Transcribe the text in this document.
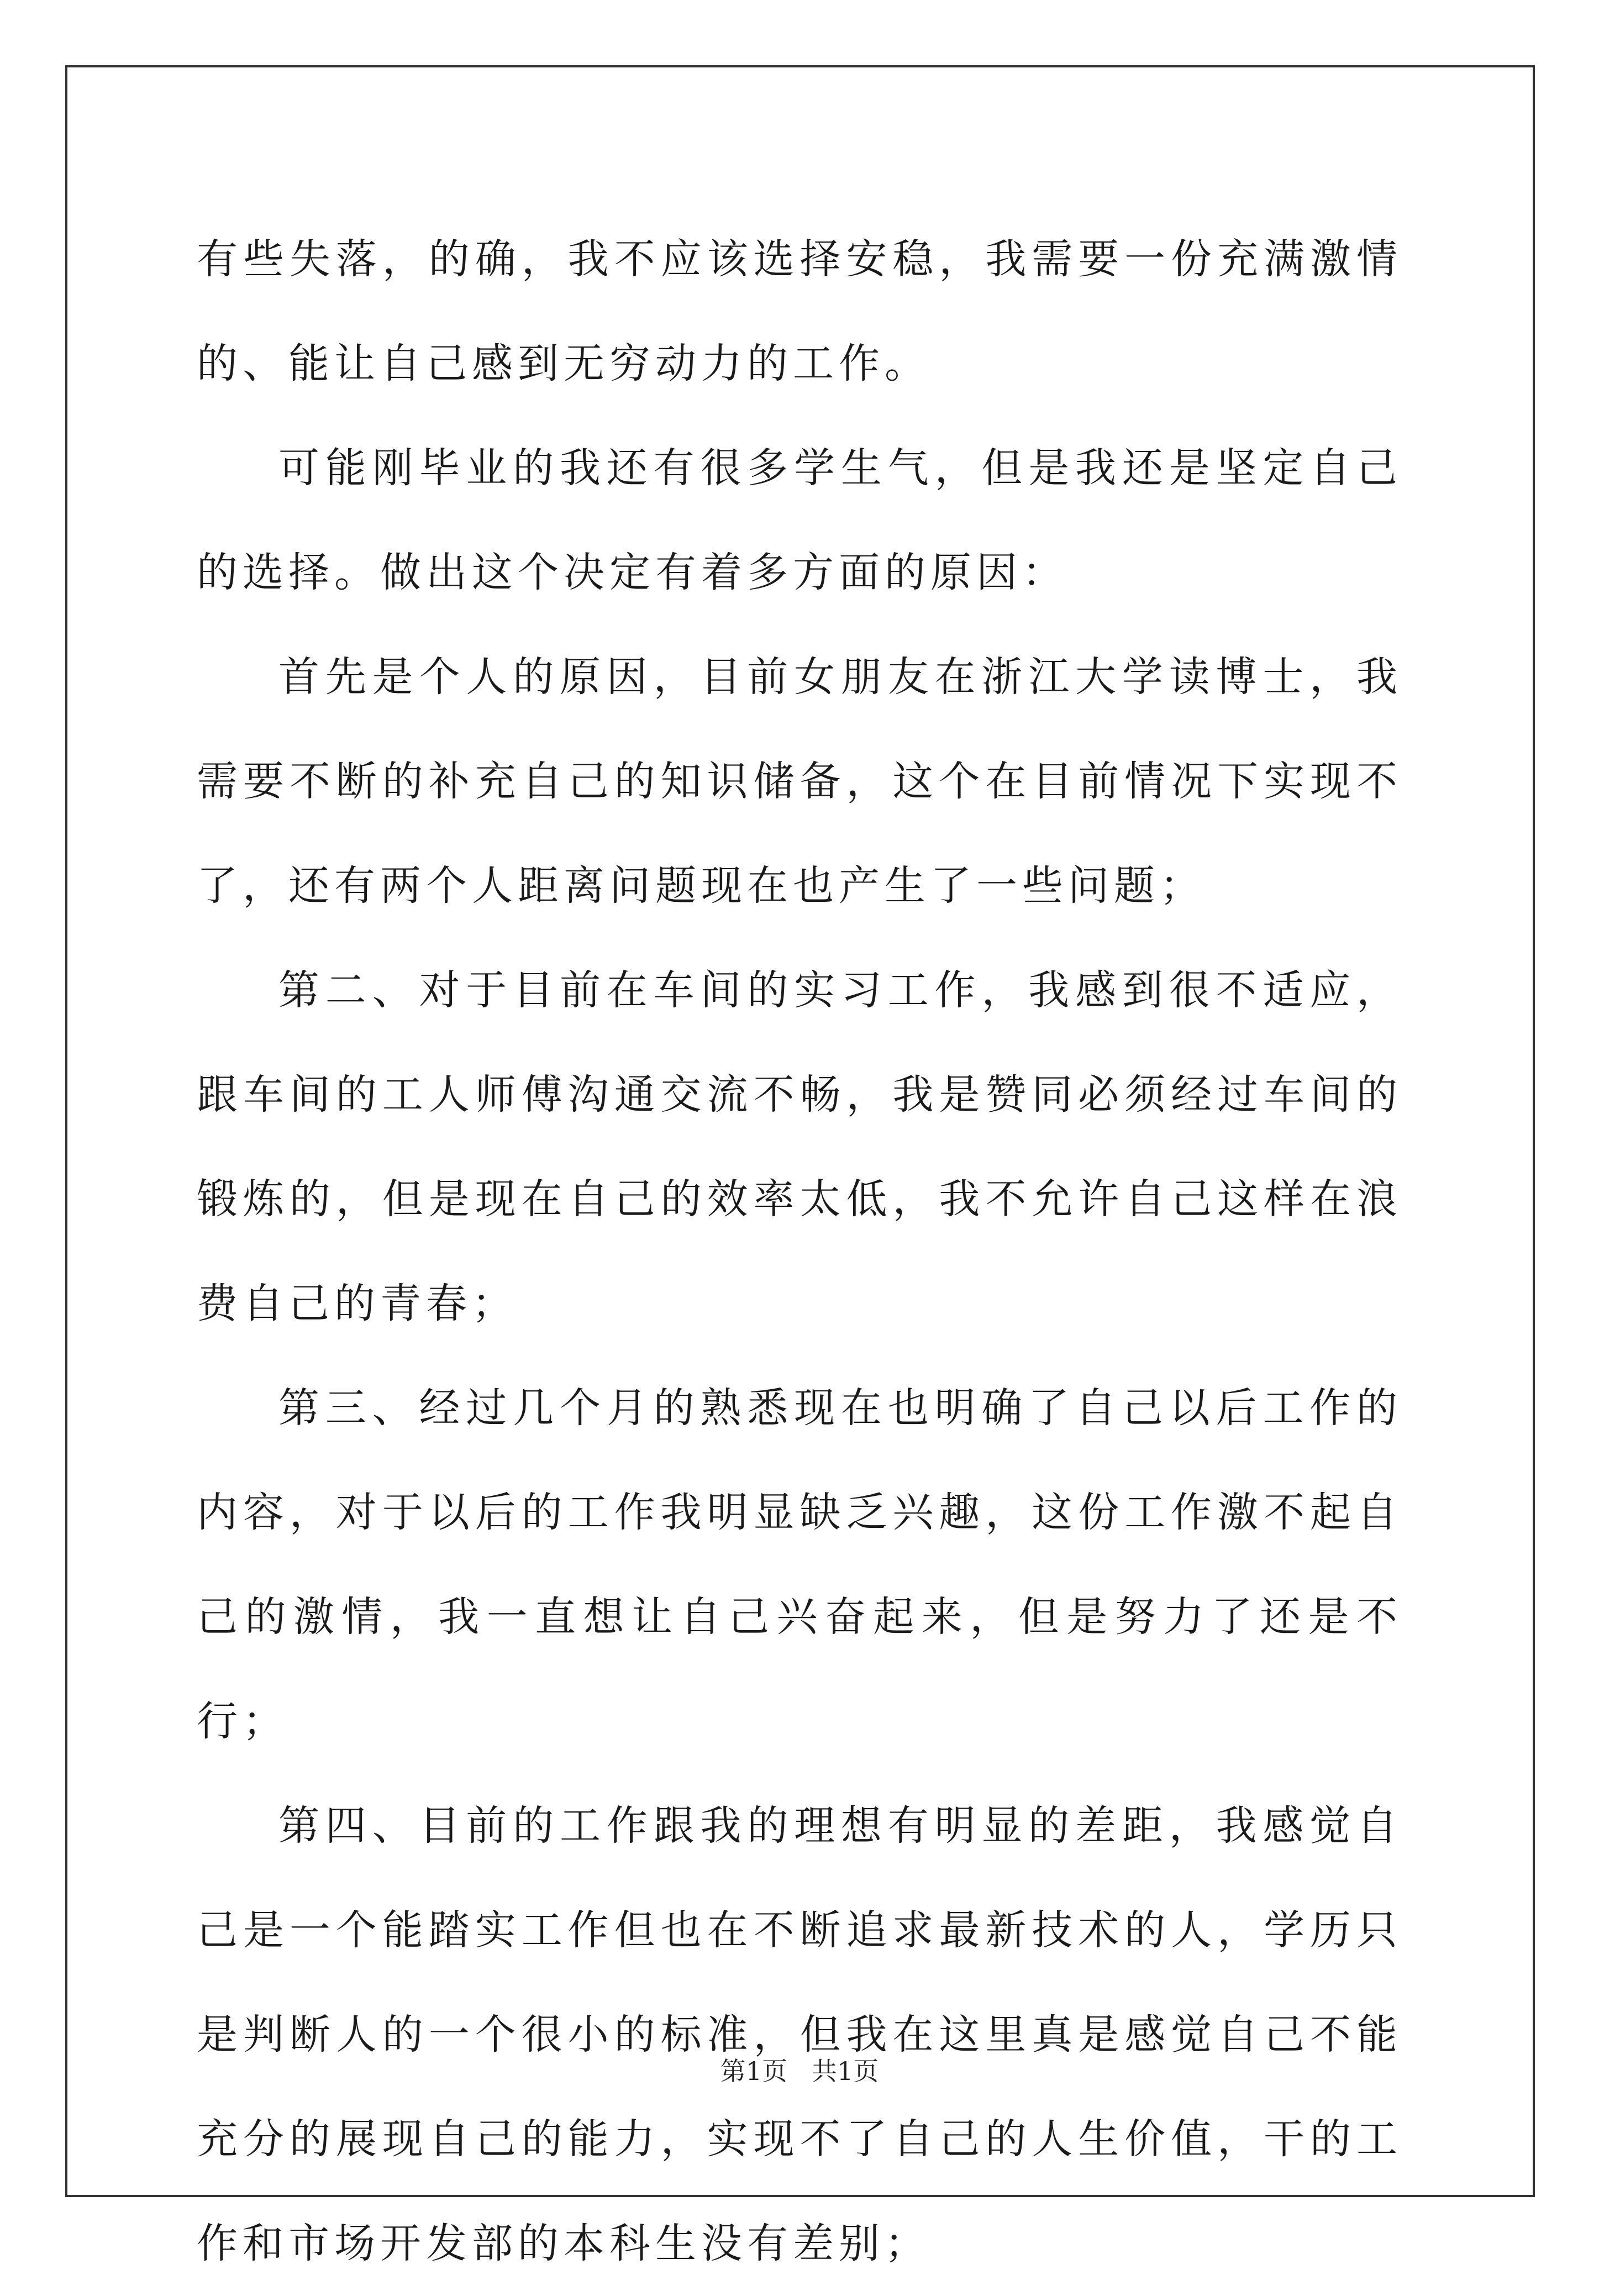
有些失落，的确，我不应该选择安稳，我需要一份充满激情的、能让自己感到无穷动力的工作。

可能刚毕业的我还有很多学生气，但是我还是坚定自己的选择。做出这个决定有着多方面的原因：

首先是个人的原因，目前女朋友在浙江大学读博士，我需要不断的补充自己的知识储备，这个在目前情况下实现不了，还有两个人距离问题现在也产生了一些问题；

第二、对于目前在车间的实习工作，我感到很不适应，跟车间的工人师傅沟通交流不畅，我是赞同必须经过车间的锻炼的，但是现在自己的效率太低，我不允许自己这样在浪费自己的青春；

第三、经过几个月的熟悉现在也明确了自己以后工作的内容，对于以后的工作我明显缺乏兴趣，这份工作激不起自己的激情，我一直想让自己兴奋起来，但是努力了还是不行；

第四、目前的工作跟我的理想有明显的差距，我感觉自己是一个能踏实工作但也在不断追求最新技术的人，学历只是判断人的一个很小的标准，但我在这里真是感觉自己不能充分的展现自己的能力，实现不了自己的人生价值，干的工作和市场开发部的本科生没有差别；

第1页 共1页
